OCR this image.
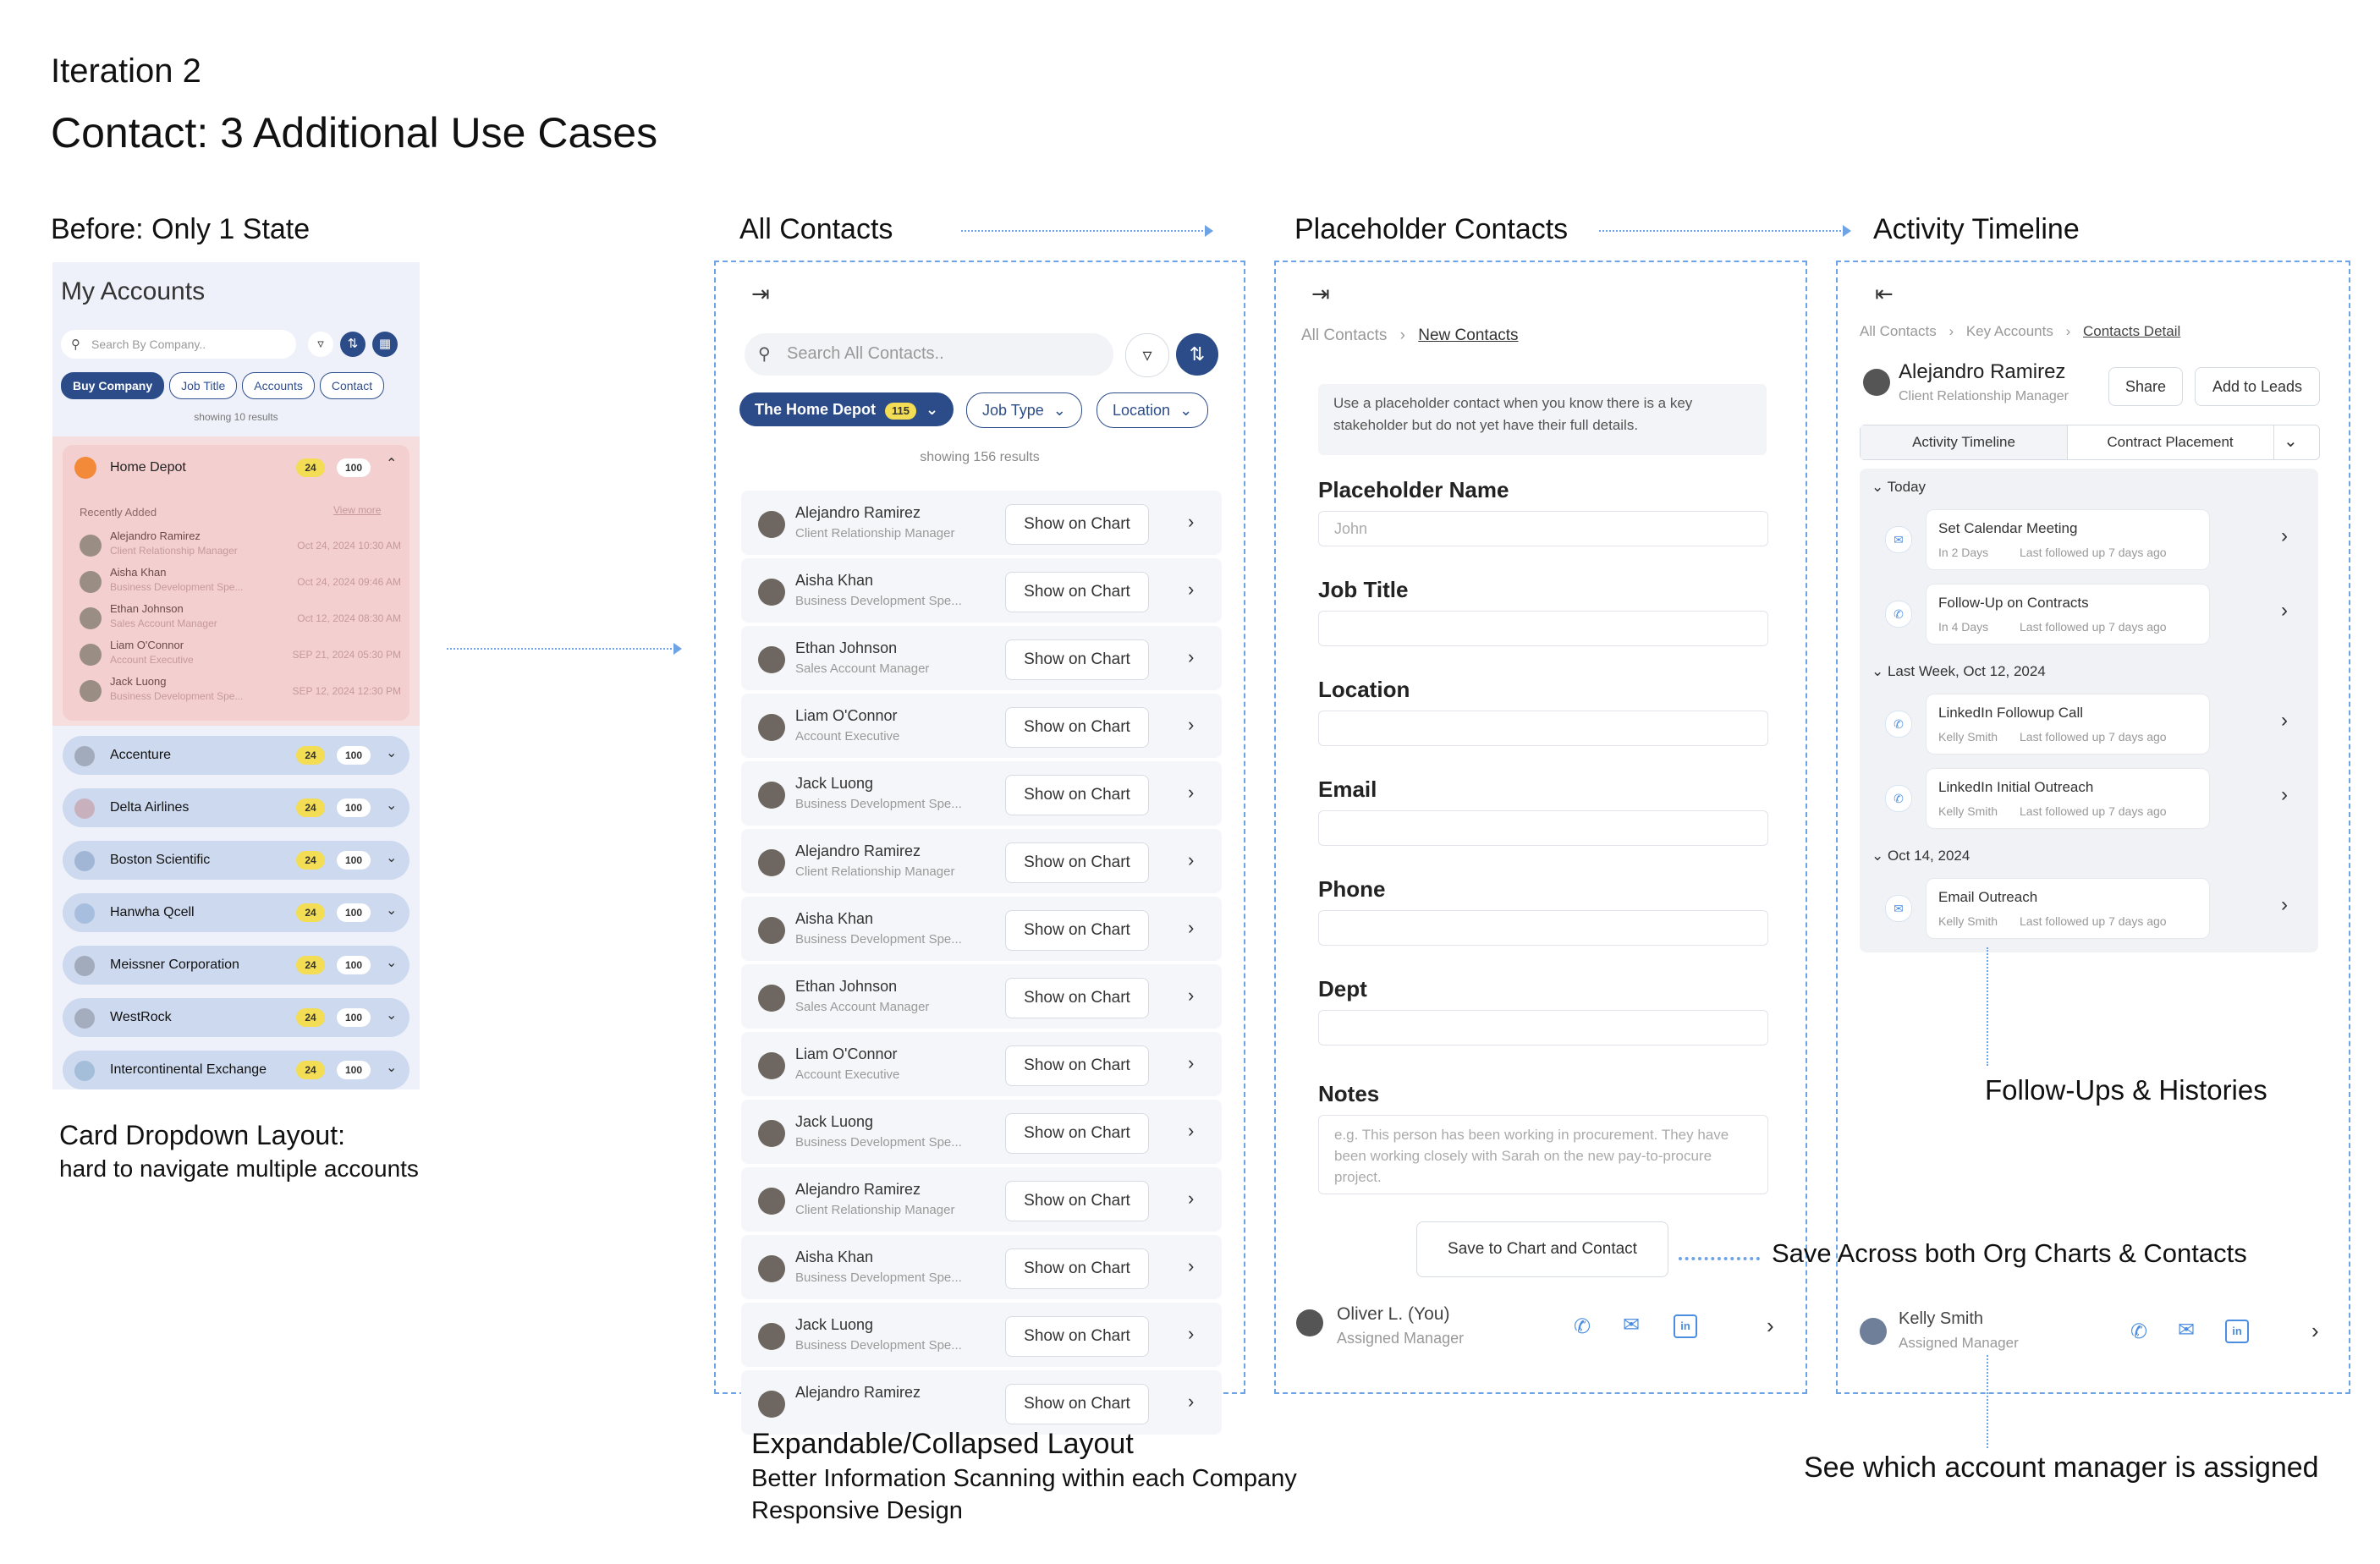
Iteration 2
Contact: 3 Additional Use Cases
Before: Only 1 State	All Contacts	Placeholder Contacts	Activity Timeline
My Accounts
⚲ Search By Company..	▿	⇅	▦
Buy Company	Job Title	Accounts	Contact
showing 10 results
Home Depot	24	100	⌃
Recently Added	View more
Alejandro Ramirez
Client Relationship Manager	Oct 24, 2024 10:30 AM
Aisha Khan
Business Development Spe...	Oct 24, 2024 09:46 AM
Ethan Johnson
Sales Account Manager	Oct 12, 2024 08:30 AM
Liam O'Connor
Account Executive	SEP 21, 2024 05:30 PM
Jack Luong
Business Development Spe...	SEP 12, 2024 12:30 PM
Accenture	24	100	⌄
Delta Airlines	24	100	⌄
Boston Scientific	24	100	⌄
Hanwha Qcell	24	100	⌄
Meissner Corporation	24	100	⌄
WestRock	24	100	⌄
Intercontinental Exchange	24	100	⌄
Card Dropdown Layout:
hard to navigate multiple accounts
⇥
⚲ Search All Contacts..	▿	⇅
The Home Depot 115 ⌄	Job Type ⌄	Location ⌄
showing 156 results
Alejandro Ramirez
Client Relationship Manager
Show on Chart	›
Aisha Khan
Business Development Spe...
Show on Chart	›
Ethan Johnson
Sales Account Manager
Show on Chart	›
Liam O'Connor
Account Executive
Show on Chart	›
Jack Luong
Business Development Spe...
Show on Chart	›
Alejandro Ramirez
Client Relationship Manager
Show on Chart	›
Aisha Khan
Business Development Spe...
Show on Chart	›
Ethan Johnson
Sales Account Manager
Show on Chart	›
Liam O'Connor
Account Executive
Show on Chart	›
Jack Luong
Business Development Spe...
Show on Chart	›
Alejandro Ramirez
Client Relationship Manager
Show on Chart	›
Aisha Khan
Business Development Spe...
Show on Chart	›
Jack Luong
Business Development Spe...
Show on Chart	›
Alejandro Ramirez
Show on Chart	›
Expandable/Collapsed Layout
Better Information Scanning within each Company
Responsive Design
⇥
All Contacts › New Contacts
Use a placeholder contact when you know there is a key stakeholder but do not yet have their full details.
Placeholder Name
John
Job Title
Location
Email
Phone
Dept
Notes
e.g. This person has been working in procurement. They have been working closely with Sarah on the new pay-to-procure project.
Save to Chart and Contact
Oliver L. (You)
Assigned Manager	✆ ✉	in	›
Save Across both Org Charts & Contacts
⇤
All Contacts › Key Accounts › Contacts Detail
Alejandro Ramirez
Client Relationship Manager
Share	Add to Leads
Activity Timeline	Contract Placement	⌄
⌄ Today
✉
Set Calendar Meeting
In 2 Days	Last followed up 7 days ago
›
✆
Follow-Up on Contracts
In 4 Days	Last followed up 7 days ago
›
⌄ Last Week, Oct 12, 2024
✆
LinkedIn Followup Call
Kelly Smith Last followed up 7 days ago
›
✆
LinkedIn Initial Outreach
Kelly Smith Last followed up 7 days ago
›
⌄ Oct 14, 2024
✉
Email Outreach
Kelly Smith Last followed up 7 days ago
›
Kelly Smith
Assigned Manager	✆ ✉	in	›
Follow-Ups & Histories
See which account manager is assigned
